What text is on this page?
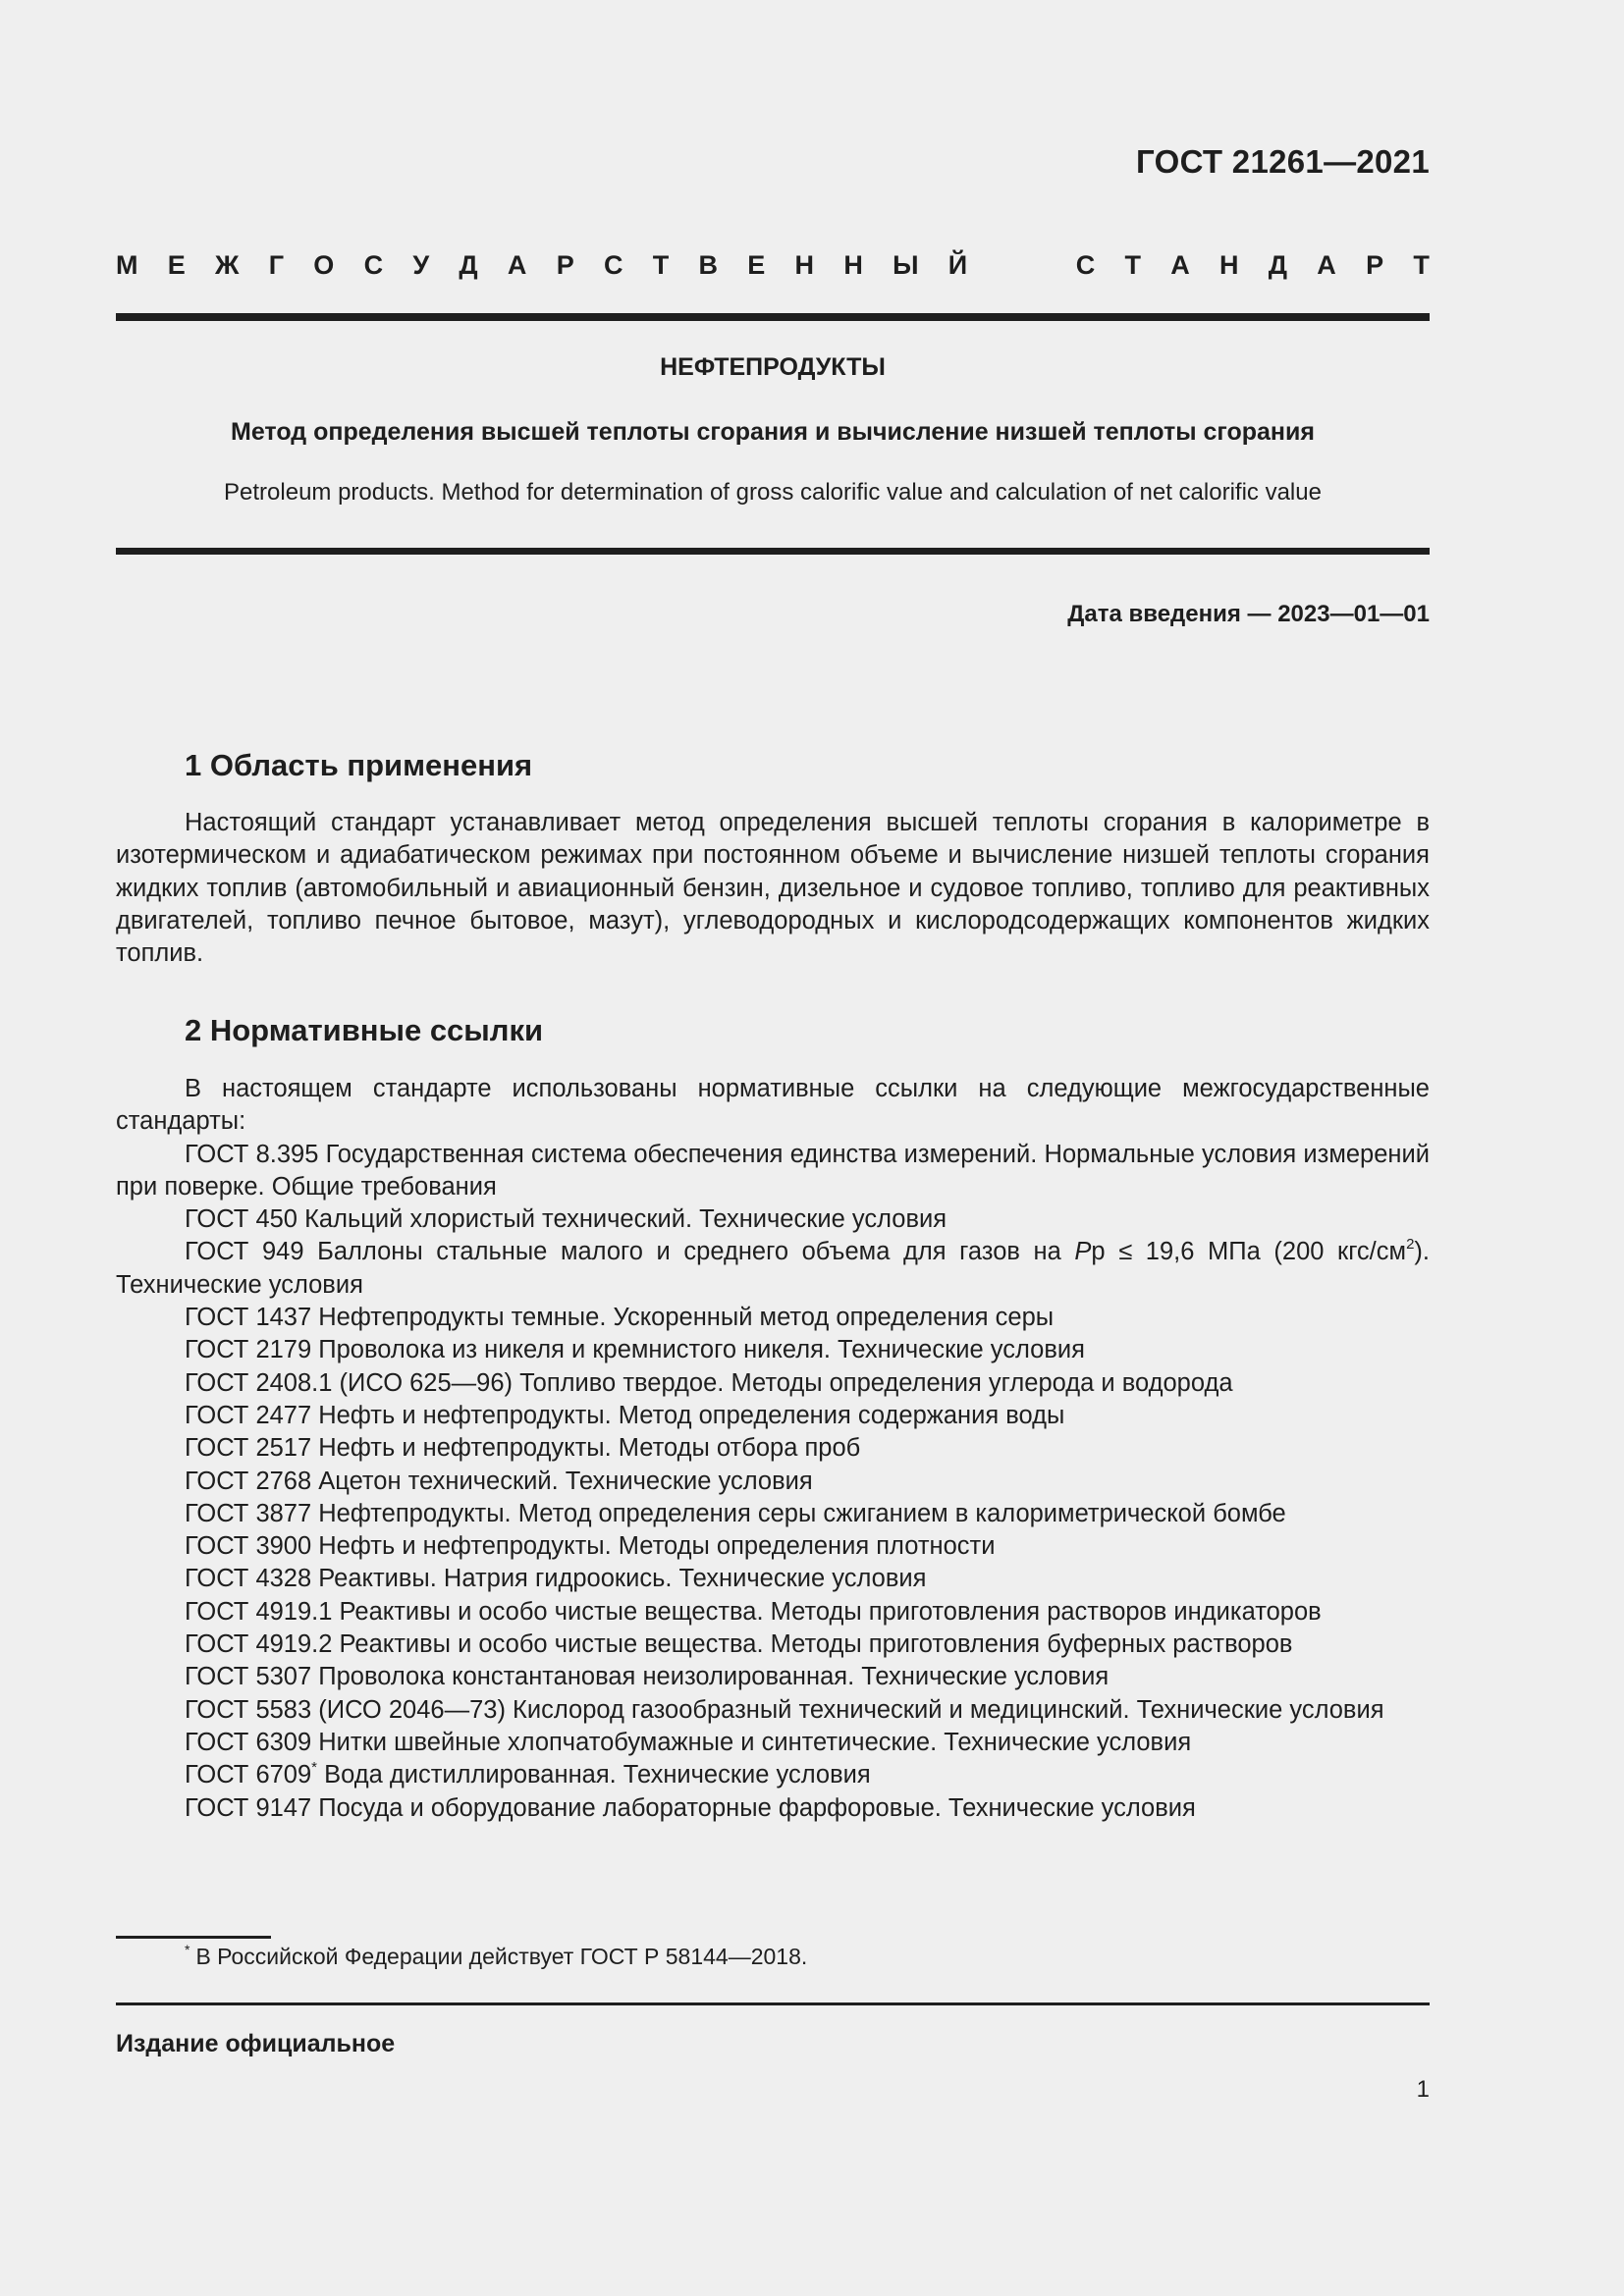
ГОСТ 21261—2021
М Е Ж Г О С У Д А Р С Т В Е Н Н Ы Й	С Т А Н Д А Р Т
НЕФТЕПРОДУКТЫ
Метод определения высшей теплоты сгорания и вычисление низшей теплоты сгорания
Petroleum products. Method for determination of gross calorific value and calculation of net calorific value
Дата введения — 2023—01—01
1 Область применения

Настоящий стандарт устанавливает метод определения высшей теплоты сгорания в калориметре в изотермическом и адиабатическом режимах при постоянном объеме и вычисление низшей теплоты сгорания жидких топлив (автомобильный и авиационный бензин, дизельное и судовое топливо, топливо для реактивных двигателей, топливо печное бытовое, мазут), углеводородных и кислородсодержащих компонентов жидких топлив.

2 Нормативные ссылки

В настоящем стандарте использованы нормативные ссылки на следующие межгосударственные стандарты:

ГОСТ 8.395 Государственная система обеспечения единства измерений. Нормальные условия измерений при поверке. Общие требования

ГОСТ 450 Кальций хлористый технический. Технические условия

ГОСТ 949 Баллоны стальные малого и среднего объема для газов на Pр ≤ 19,6 МПа (200 кгс/$см^2$). Технические условия

ГОСТ 1437 Нефтепродукты темные. Ускоренный метод определения серы

ГОСТ 2179 Проволока из никеля и кремнистого никеля. Технические условия

ГОСТ 2408.1 (ИСО 625—96) Топливо твердое. Методы определения углерода и водорода

ГОСТ 2477 Нефть и нефтепродукты. Метод определения содержания воды

ГОСТ 2517 Нефть и нефтепродукты. Методы отбора проб

ГОСТ 2768 Ацетон технический. Технические условия

ГОСТ 3877 Нефтепродукты. Метод определения серы сжиганием в калориметрической бомбе

ГОСТ 3900 Нефть и нефтепродукты. Методы определения плотности

ГОСТ 4328 Реактивы. Натрия гидроокись. Технические условия

ГОСТ 4919.1 Реактивы и особо чистые вещества. Методы приготовления растворов индикаторов

ГОСТ 4919.2 Реактивы и особо чистые вещества. Методы приготовления буферных растворов

ГОСТ 5307 Проволока константановая неизолированная. Технические условия

ГОСТ 5583 (ИСО 2046—73) Кислород газообразный технический и медицинский. Технические условия

ГОСТ 6309 Нитки швейные хлопчатобумажные и синтетические. Технические условия

ГОСТ 6709* Вода дистиллированная. Технические условия

ГОСТ 9147 Посуда и оборудование лабораторные фарфоровые. Технические условия

* В Российской Федерации действует ГОСТ Р 58144—2018.
Издание официальное
1
